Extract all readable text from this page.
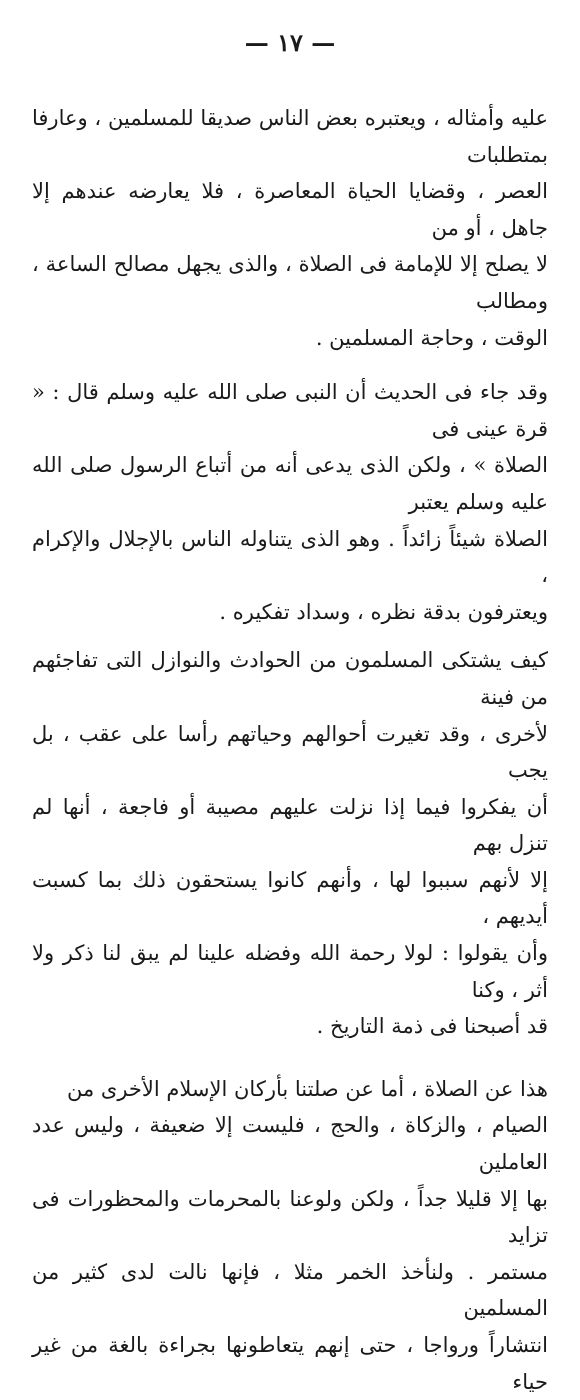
— ١٧ —

عليه وأمثاله ، ويعتبره بعض الناس صديقا للمسلمين ، وعارفا بمتطلبات

العصر ، وقضايا الحياة المعاصرة ، فلا يعارضه عندهم إلا جاهل ، أو من

لا يصلح إلا للإمامة فى الصلاة ، والذى يجهل مصالح الساعة ، ومطالب

الوقت ، وحاجة المسلمين .

وقد جاء فى الحديث أن النبى صلى الله عليه وسلم قال : « قرة عينى فى

الصلاة » ، ولكن الذى يدعى أنه من أتباع الرسول صلى الله عليه وسلم يعتبر

الصلاة شيئاً زائداً . وهو الذى يتناوله الناس بالإجلال والإكرام ،

ويعترفون بدقة نظره ، وسداد تفكيره .

كيف يشتكى المسلمون من الحوادث والنوازل التى تفاجئهم من فينة

لأخرى ، وقد تغيرت أحوالهم وحياتهم رأسا على عقب ، بل يجب

أن يفكروا فيما إذا نزلت عليهم مصيبة أو فاجعة ، أنها لم تنزل بهم

إلا لأنهم سببوا لها ، وأنهم كانوا يستحقون ذلك بما كسبت أيديهم ،

وأن يقولوا : لولا رحمة الله وفضله علينا لم يبق لنا ذكر ولا أثر ، وكنا

قد أصبحنا فى ذمة التاريخ .

هذا عن الصلاة ، أما عن صلتنا بأركان الإسلام الأخرى من

الصيام ، والزكاة ، والحج ، فليست إلا ضعيفة ، وليس عدد العاملين

بها إلا قليلا جداً ، ولكن ولوعنا بالمحرمات والمحظورات فى تزايد

مستمر . ولنأخذ الخمر مثلا ، فإنها نالت لدى كثير من المسلمين

انتشاراً ورواجا ، حتى إنهم يتعاطونها بجراءة بالغة من غير حياء
